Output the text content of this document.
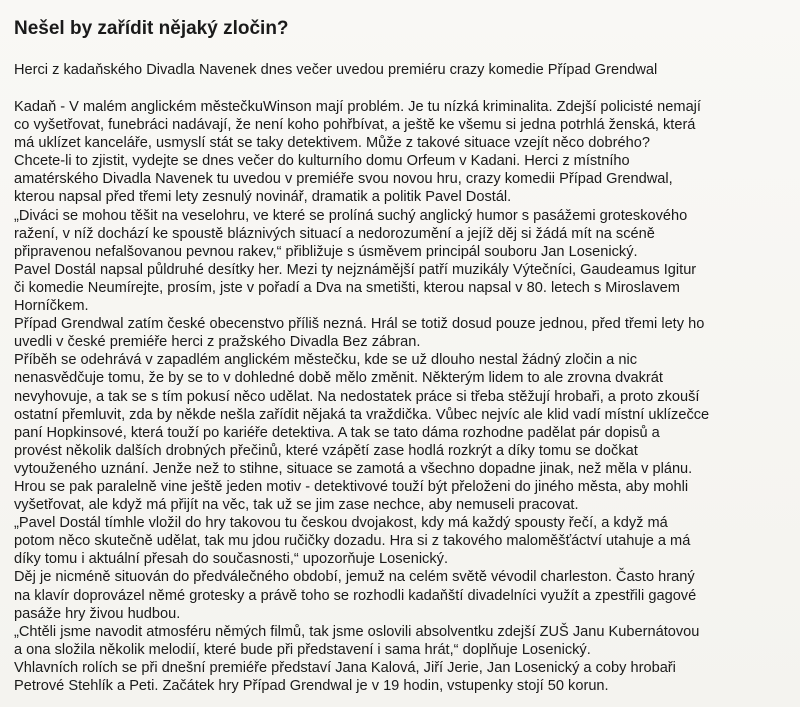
Nešel by zařídit nějaký zločin?

Herci z kadaňského Divadla Navenek dnes večer uvedou premiéru crazy komedie Případ Grendwal

Kadaň - V malém anglickém městečkuWinson mají problém. Je tu nízká kriminalita. Zdejší policisté nemají

co vyšetřovat, funebráci nadávají, že není koho pohřbívat, a ještě ke všemu si jedna potrhlá ženská, která

má uklízet kanceláře, usmyslí stát se taky detektivem. Může z takové situace vzejít něco dobrého?

Chcete-li to zjistit, vydejte se dnes večer do kulturního domu Orfeum v Kadani. Herci z místního

amatérského Divadla Navenek tu uvedou v premiéře svou novou hru, crazy komedii Případ Grendwal,

kterou napsal před třemi lety zesnulý novinář, dramatik a politik Pavel Dostál.

„Diváci se mohou těšit na veselohru, ve které se prolíná suchý anglický humor s pasážemi groteskového

ražení, v níž dochází ke spoustě bláznivých situací a nedorozumění a jejíž děj si žádá mít na scéně

připravenou nefalšovanou pevnou rakev,“ přibližuje s úsměvem principál souboru Jan Losenický.

Pavel Dostál napsal půldruhé desítky her. Mezi ty nejznámější patří muzikály Výtečníci, Gaudeamus Igitur

či komedie Neumírejte, prosím, jste v pořadí a Dva na smetišti, kterou napsal v 80. letech s Miroslavem

Horníčkem.

Případ Grendwal zatím české obecenstvo příliš nezná. Hrál se totiž dosud pouze jednou, před třemi lety ho

uvedli v české premiéře herci z pražského Divadla Bez zábran.

Příběh se odehrává v zapadlém anglickém městečku, kde se už dlouho nestal žádný zločin a nic

nenasvědčuje tomu, že by se to v dohledné době mělo změnit. Některým lidem to ale zrovna dvakrát

nevyhovuje, a tak se s tím pokusí něco udělat. Na nedostatek práce si třeba stěžují hrobaři, a proto zkouší

ostatní přemluvit, zda by někde nešla zařídit nějaká ta vraždička. Vůbec nejvíc ale klid vadí místní uklízečce

paní Hopkinsové, která touží po kariéře detektiva. A tak se tato dáma rozhodne padělat pár dopisů a

provést několik dalších drobných přečinů, které vzápětí zase hodlá rozkrýt a díky tomu se dočkat

vytouženého uznání. Jenže než to stihne, situace se zamotá a všechno dopadne jinak, než měla v plánu.

Hrou se pak paralelně vine ještě jeden motiv - detektivové touží být přeloženi do jiného města, aby mohli

vyšetřovat, ale když má přijít na věc, tak už se jim zase nechce, aby nemuseli pracovat.

„Pavel Dostál tímhle vložil do hry takovou tu českou dvojakost, kdy má každý spousty řečí, a když má

potom něco skutečně udělat, tak mu jdou ručičky dozadu. Hra si z takového maloměšťáctví utahuje a má

díky tomu i aktuální přesah do současnosti,“ upozorňuje Losenický.

Děj je nicméně situován do předválečného období, jemuž na celém světě vévodil charleston. Často hraný

na klavír doprovázel němé grotesky a právě toho se rozhodli kadaňští divadelníci využít a zpestřili gagové

pasáže hry živou hudbou.

„Chtěli jsme navodit atmosféru němých filmů, tak jsme oslovili absolventku zdejší ZUŠ Janu Kubernátovou

a ona složila několik melodií, které bude při představení i sama hrát,“ doplňuje Losenický.

Vhlavních rolích se při dnešní premiéře představí Jana Kalová, Jiří Jerie, Jan Losenický a coby hrobaři

Petrové Stehlík a Peti. Začátek hry Případ Grendwal je v 19 hodin, vstupenky stojí 50 korun.
